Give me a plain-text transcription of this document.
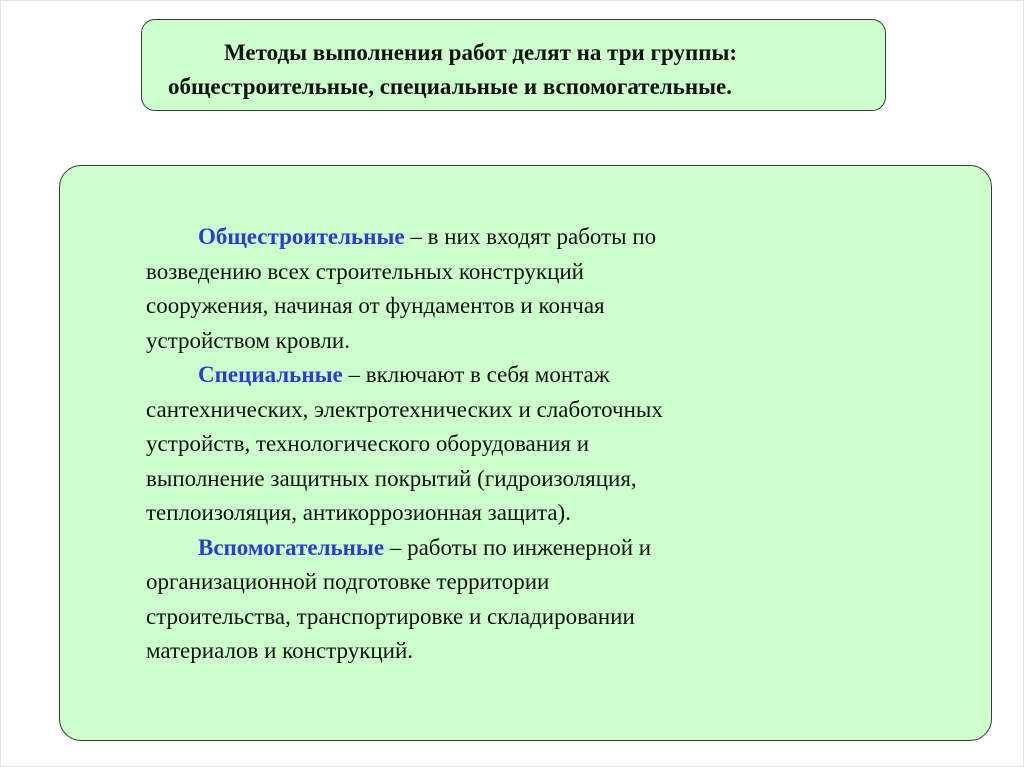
Методы выполнения работ делят на три группы:
общестроительные, специальные и вспомогательные.

Общестроительные – в них входят работы по
возведению всех строительных конструкций
сооружения, начиная от фундаментов и кончая
устройством кровли.

Специальные – включают в себя монтаж
сантехнических, электротехнических и слаботочных
устройств, технологического оборудования и
выполнение защитных покрытий (гидроизоляция,
теплоизоляция, антикоррозионная защита).

Вспомогательные – работы по инженерной и
организационной подготовке территории
строительства, транспортировке и складировании
материалов и конструкций.
